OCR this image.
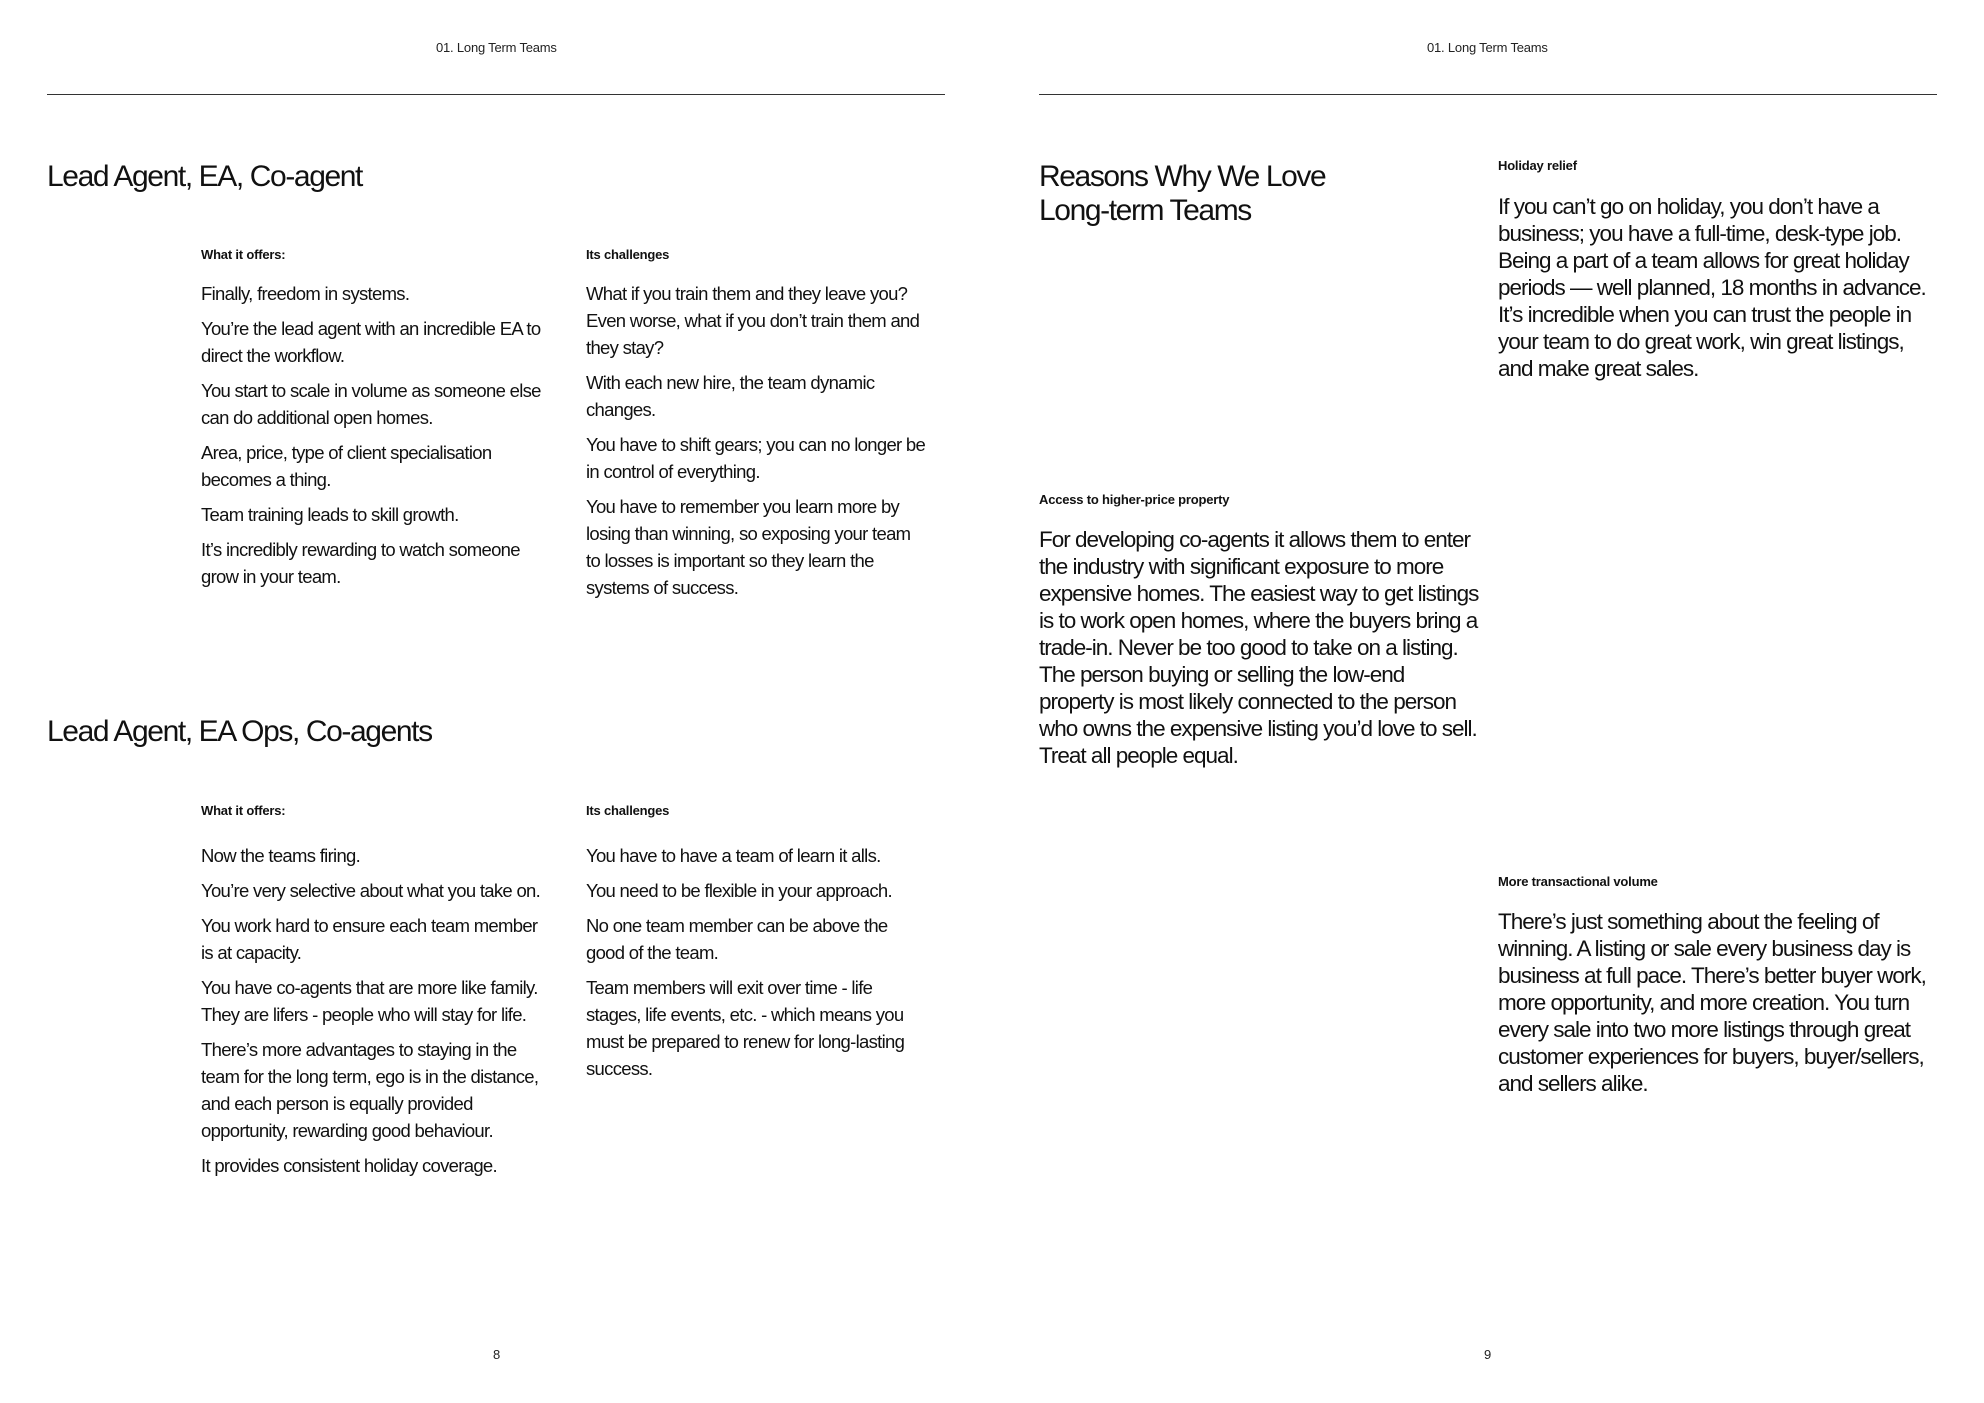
01. Long Term Teams
Lead Agent, EA, Co-agent
What it offers:	Its challenges

Finally, freedom in systems.

You’re the lead agent with an incredible EA to direct the workflow.

You start to scale in volume as someone else can do additional open homes.

Area, price, type of client specialisation becomes a thing.

Team training leads to skill growth.

It’s incredibly rewarding to watch someone grow in your team.

What if you train them and they leave you? Even worse, what if you don’t train them and they stay?

With each new hire, the team dynamic changes.

You have to shift gears; you can no longer be in control of everything.

You have to remember you learn more by losing than winning, so exposing your team to losses is important so they learn the systems of success.

Lead Agent, EA Ops, Co-agents
What it offers:	Its challenges

Now the teams firing.

You’re very selective about what you take on.

You work hard to ensure each team member is at capacity.

You have co-agents that are more like family. They are lifers - people who will stay for life.

There’s more advantages to staying in the team for the long term, ego is in the distance, and each person is equally provided opportunity, rewarding good behaviour.

It provides consistent holiday coverage.

You have to have a team of learn it alls.

You need to be flexible in your approach.

No one team member can be above the good of the team.

Team members will exit over time - life stages, life events, etc. - which means you must be prepared to renew for long-lasting success.

8
01. Long Term Teams
Reasons Why We Love
Long-term Teams
Holiday relief

If you can’t go on holiday, you don’t have a business; you have a full-time, desk-type job. Being a part of a team allows for great holiday periods — well planned, 18 months in advance. It’s incredible when you can trust the people in your team to do great work, win great listings, and make great sales.

Access to higher-price property

For developing co-agents it allows them to enter the industry with significant exposure to more expensive homes. The easiest way to get listings is to work open homes, where the buyers bring a trade-in. Never be too good to take on a listing. The person buying or selling the low-end property is most likely connected to the person who owns the expensive listing you’d love to sell. Treat all people equal.

More transactional volume

There’s just something about the feeling of winning. A listing or sale every business day is business at full pace. There’s better buyer work, more opportunity, and more creation. You turn every sale into two more listings through great customer experiences for buyers, buyer/sellers, and sellers alike.

9
